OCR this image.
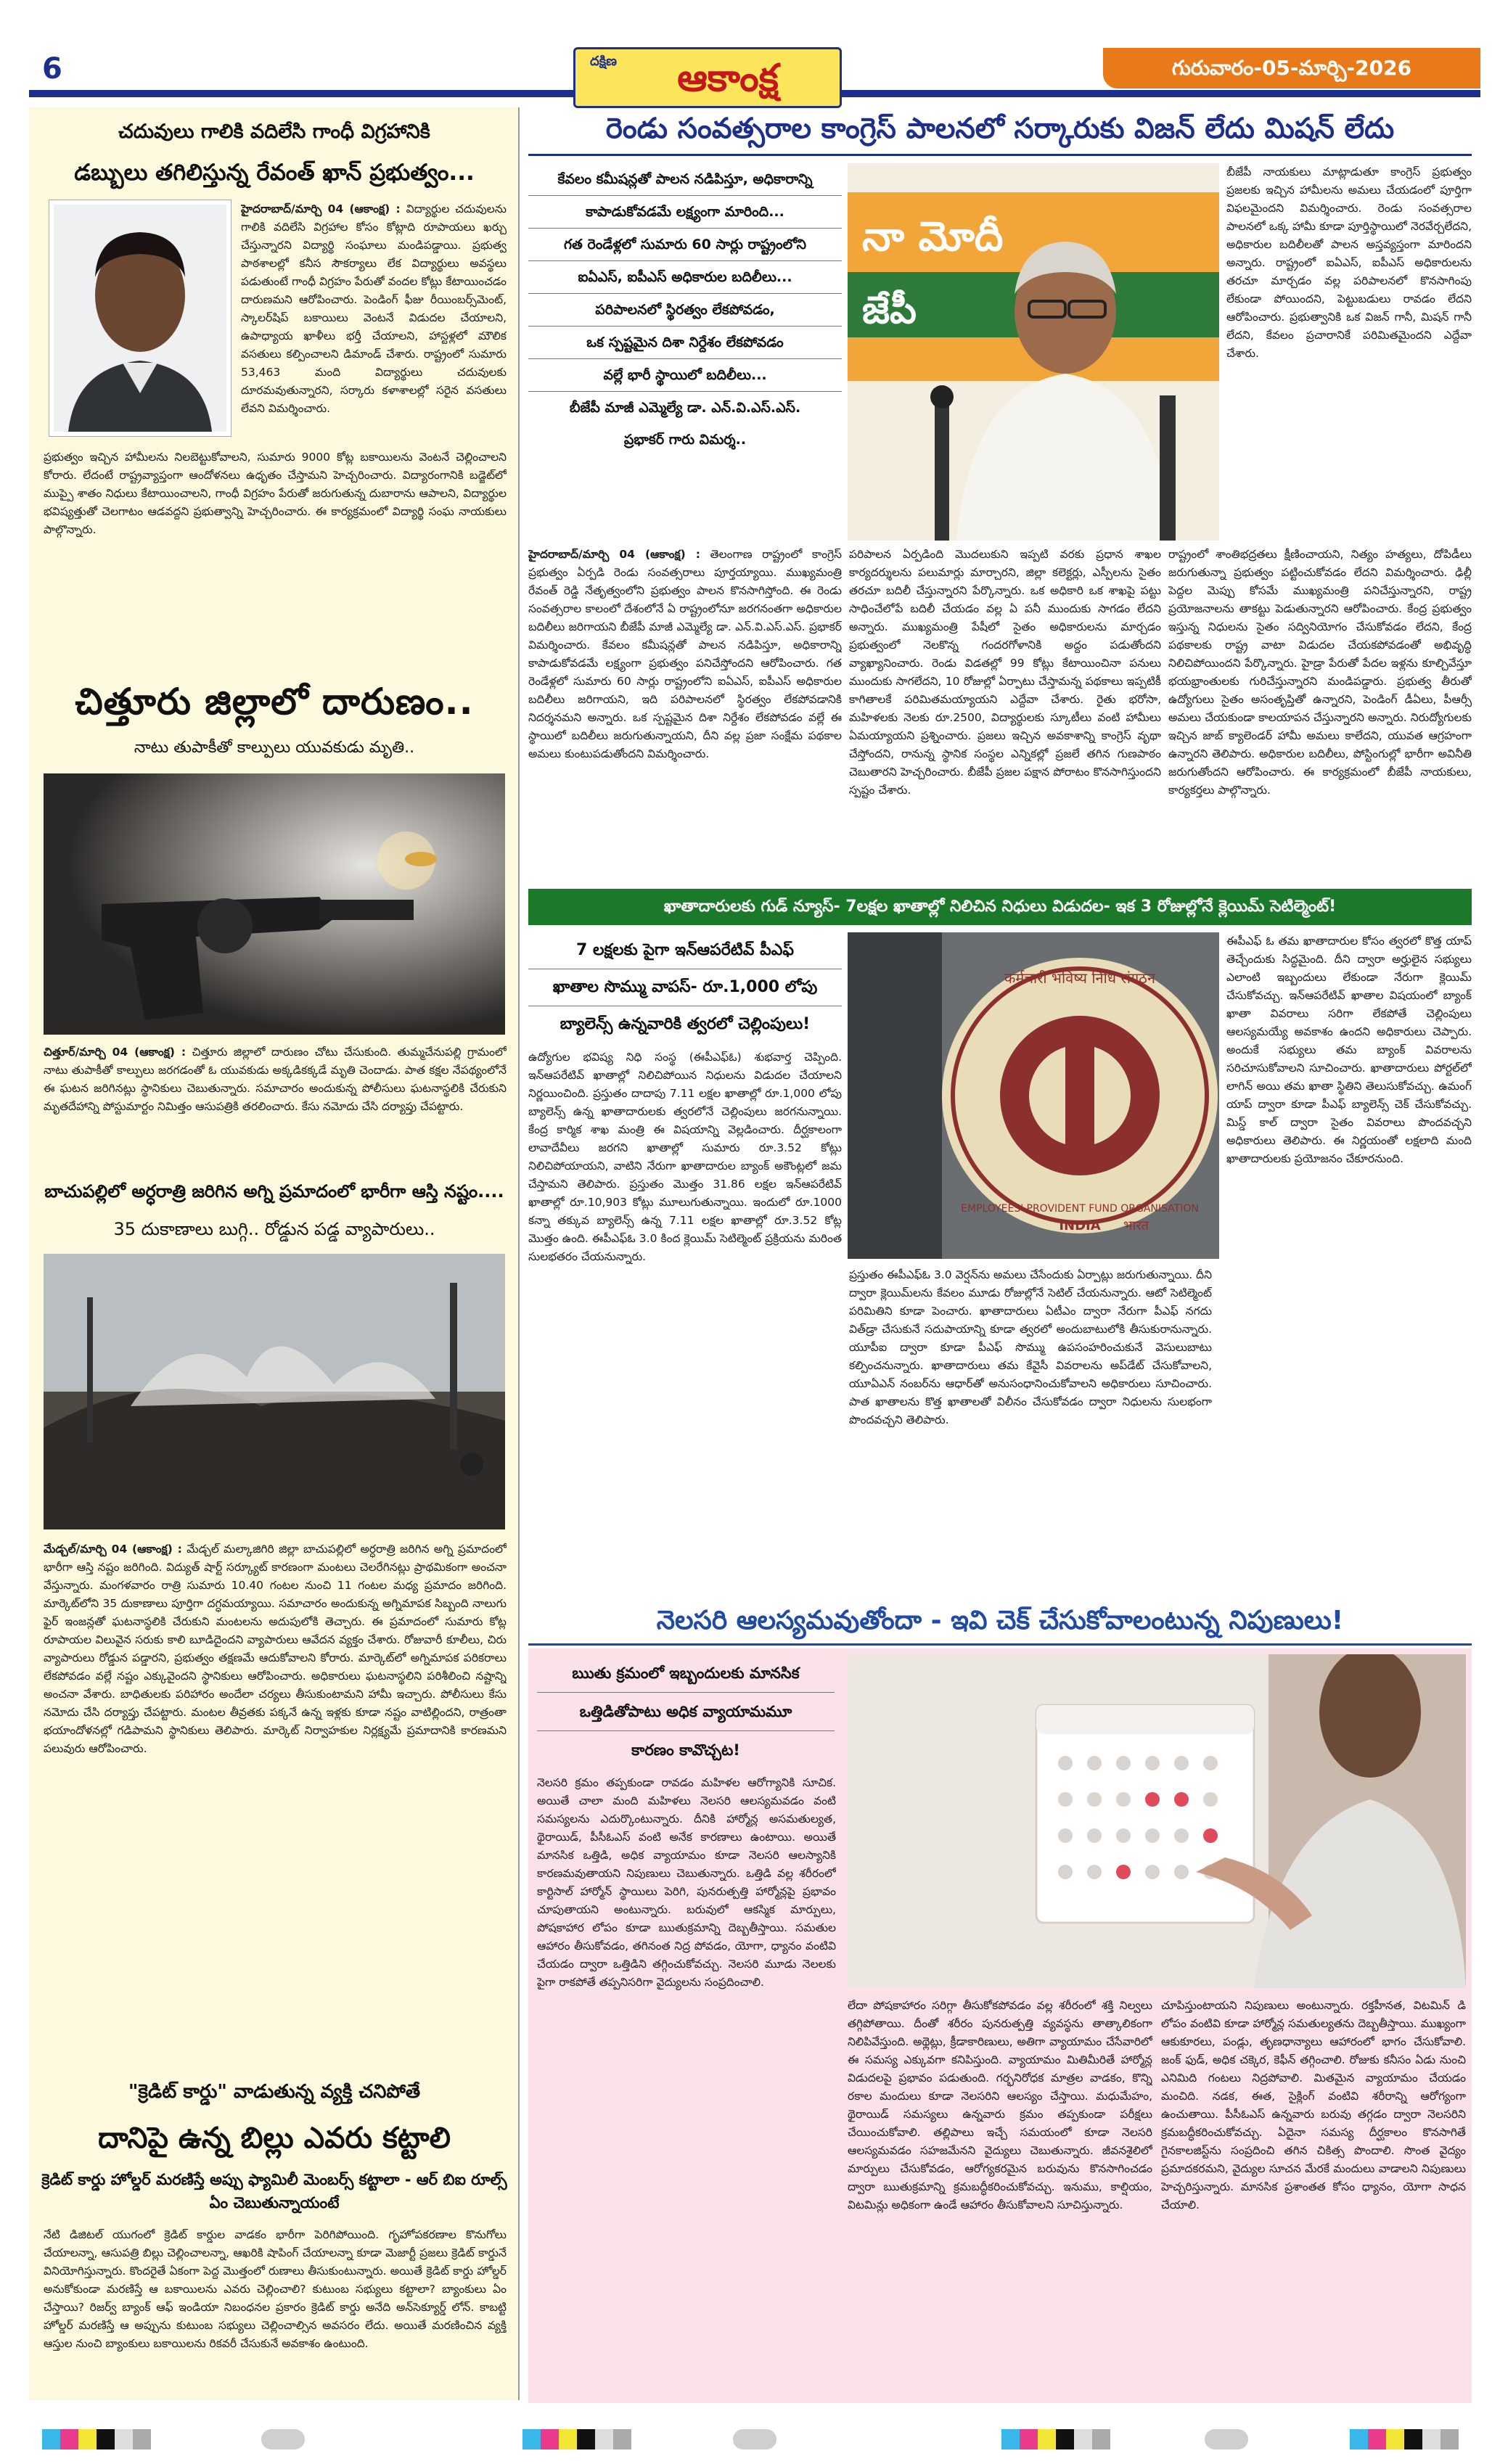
6	దక్షిణ	ఆకాంక్ష	గురువారం-05-మార్చి-2026
చదువులు గాలికి వదిలేసి గాంధీ విగ్రహానికి
డబ్బులు తగిలిస్తున్న రేవంత్ ఖాన్ ప్రభుత్వం...

హైదరాబాద్/మార్చి 04 (ఆకాంక్ష) : విద్యార్థుల చదువులను గాలికి వదిలేసి విగ్రహాల కోసం కోట్లాది రూపాయలు ఖర్చు చేస్తున్నారని విద్యార్థి సంఘాలు మండిపడ్డాయి. ప్రభుత్వ పాఠశాలల్లో కనీస సౌకర్యాలు లేక విద్యార్థులు అవస్థలు పడుతుంటే గాంధీ విగ్రహం పేరుతో వందల కోట్లు కేటాయించడం దారుణమని ఆరోపించారు. పెండింగ్ ఫీజు రీయింబర్స్‌మెంట్, స్కాలర్‌షిప్ బకాయిలు వెంటనే విడుదల చేయాలని, ఉపాధ్యాయ ఖాళీలు భర్తీ చేయాలని, హాస్టళ్లలో మౌలిక వసతులు కల్పించాలని డిమాండ్ చేశారు. రాష్ట్రంలో సుమారు 53,463 మంది విద్యార్థులు చదువులకు దూరమవుతున్నారని, సర్కారు కళాశాలల్లో సరైన వసతులు లేవని విమర్శించారు.

ప్రభుత్వం ఇచ్చిన హామీలను నిలబెట్టుకోవాలని, సుమారు 9000 కోట్ల బకాయిలను వెంటనే చెల్లించాలని కోరారు. లేదంటే రాష్ట్రవ్యాప్తంగా ఆందోళనలు ఉధృతం చేస్తామని హెచ్చరించారు. విద్యారంగానికి బడ్జెట్‌లో ముప్పై శాతం నిధులు కేటాయించాలని, గాంధీ విగ్రహం పేరుతో జరుగుతున్న దుబారాను ఆపాలని, విద్యార్థుల భవిష్యత్తుతో చెలగాటం ఆడవద్దని ప్రభుత్వాన్ని హెచ్చరించారు. ఈ కార్యక్రమంలో విద్యార్థి సంఘ నాయకులు పాల్గొన్నారు.

చిత్తూరు జిల్లాలో దారుణం..
నాటు తుపాకీతో కాల్పులు యువకుడు మృతి..

చిత్తూర్/మార్చి 04 (ఆకాంక్ష) : చిత్తూరు జిల్లాలో దారుణం చోటు చేసుకుంది. తుమ్మచేనుపల్లి గ్రామంలో నాటు తుపాకీతో కాల్పులు జరగడంతో ఓ యువకుడు అక్కడికక్కడే మృతి చెందాడు. పాత కక్షల నేపథ్యంలోనే ఈ ఘటన జరిగినట్లు స్థానికులు చెబుతున్నారు. సమాచారం అందుకున్న పోలీసులు ఘటనాస్థలికి చేరుకుని మృతదేహాన్ని పోస్టుమార్టం నిమిత్తం ఆసుపత్రికి తరలించారు. కేసు నమోదు చేసి దర్యాప్తు చేపట్టారు.

బాచుపల్లిలో అర్ధరాత్రి జరిగిన అగ్ని ప్రమాదంలో భారీగా ఆస్తి నష్టం....
35 దుకాణాలు బుగ్గి.. రోడ్డున పడ్డ వ్యాపారులు..

మేడ్చల్/మార్చి 04 (ఆకాంక్ష) : మేడ్చల్ మల్కాజిగిరి జిల్లా బాచుపల్లిలో అర్ధరాత్రి జరిగిన అగ్ని ప్రమాదంలో భారీగా ఆస్తి నష్టం జరిగింది. విద్యుత్ షార్ట్ సర్క్యూట్ కారణంగా మంటలు చెలరేగినట్లు ప్రాథమికంగా అంచనా వేస్తున్నారు. మంగళవారం రాత్రి సుమారు 10.40 గంటల నుంచి 11 గంటల మధ్య ప్రమాదం జరిగింది. మార్కెట్‌లోని 35 దుకాణాలు పూర్తిగా దగ్ధమయ్యాయి. సమాచారం అందుకున్న అగ్నిమాపక సిబ్బంది నాలుగు ఫైర్ ఇంజన్లతో ఘటనాస్థలికి చేరుకుని మంటలను అదుపులోకి తెచ్చారు. ఈ ప్రమాదంలో సుమారు కోట్ల రూపాయల విలువైన సరుకు కాలి బూడిదైందని వ్యాపారులు ఆవేదన వ్యక్తం చేశారు. రోజువారీ కూలీలు, చిరు వ్యాపారులు రోడ్డున పడ్డారని, ప్రభుత్వం తక్షణమే ఆదుకోవాలని కోరారు. మార్కెట్‌లో అగ్నిమాపక పరికరాలు లేకపోవడం వల్లే నష్టం ఎక్కువైందని స్థానికులు ఆరోపించారు. అధికారులు ఘటనాస్థలిని పరిశీలించి నష్టాన్ని అంచనా వేశారు. బాధితులకు పరిహారం అందేలా చర్యలు తీసుకుంటామని హామీ ఇచ్చారు. పోలీసులు కేసు నమోదు చేసి దర్యాప్తు చేపట్టారు. మంటల తీవ్రతకు పక్కనే ఉన్న ఇళ్లకు కూడా నష్టం వాటిల్లిందని, రాత్రంతా భయాందోళనల్లో గడిపామని స్థానికులు తెలిపారు. మార్కెట్ నిర్వాహకుల నిర్లక్ష్యమే ప్రమాదానికి కారణమని పలువురు ఆరోపించారు.

"క్రెడిట్ కార్డు" వాడుతున్న వ్యక్తి చనిపోతే
దానిపై ఉన్న బిల్లు ఎవరు కట్టాలి
క్రెడిట్ కార్డు హోల్డర్ మరణిస్తే అప్పు ఫ్యామిలీ మెంబర్స్ కట్టాలా - ఆర్ బిఐ రూల్స్ ఏం చెబుతున్నాయంటే

నేటి డిజిటల్ యుగంలో క్రెడిట్ కార్డుల వాడకం భారీగా పెరిగిపోయింది. గృహోపకరణాల కొనుగోలు చేయాలన్నా, ఆసుపత్రి బిల్లు చెల్లించాలన్నా, ఆఖరికి షాపింగ్ చేయాలన్నా కూడా మెజార్టీ ప్రజలు క్రెడిట్ కార్డునే వినియోగిస్తున్నారు. కొందరైతే ఏకంగా పెద్ద మొత్తంలో రుణాలు తీసుకుంటున్నారు. అయితే క్రెడిట్ కార్డు హోల్డర్ అనుకోకుండా మరణిస్తే ఆ బకాయిలను ఎవరు చెల్లించాలి? కుటుంబ సభ్యులు కట్టాలా? బ్యాంకులు ఏం చేస్తాయి? రిజర్వ్ బ్యాంక్ ఆఫ్ ఇండియా నిబంధనల ప్రకారం క్రెడిట్ కార్డు అనేది అన్‌సెక్యూర్డ్ లోన్. కాబట్టి హోల్డర్ మరణిస్తే ఆ అప్పును కుటుంబ సభ్యులు చెల్లించాల్సిన అవసరం లేదు. అయితే మరణించిన వ్యక్తి ఆస్తుల నుంచి బ్యాంకులు బకాయిలను రికవరీ చేసుకునే అవకాశం ఉంటుంది.

రెండు సంవత్సరాల కాంగ్రెస్ పాలనలో సర్కారుకు విజన్ లేదు మిషన్ లేదు
కేవలం కమీషన్లతో పాలన నడిపిస్తూ, అధికారాన్ని
కాపాడుకోవడమే లక్ష్యంగా మారింది...
గత రెండేళ్లలో సుమారు 60 సార్లు రాష్ట్రంలోని
ఐఏఎస్, ఐపీఎస్ అధికారుల బదిలీలు...
పరిపాలనలో స్థిరత్వం లేకపోవడం,
ఒక స్పష్టమైన దిశా నిర్దేశం లేకపోవడం
వల్లే భారీ స్థాయిలో బదిలీలు...
బీజేపీ మాజీ ఎమ్మెల్యే డా. ఎన్.వి.ఎస్.ఎస్.
ప్రభాకర్ గారు విమర్శ..
నా మోదీ
జేపీ

బీజేపీ నాయకులు మాట్లాడుతూ కాంగ్రెస్ ప్రభుత్వం ప్రజలకు ఇచ్చిన హామీలను అమలు చేయడంలో పూర్తిగా విఫలమైందని విమర్శించారు. రెండు సంవత్సరాల పాలనలో ఒక్క హామీ కూడా పూర్తిస్థాయిలో నెరవేర్చలేదని, అధికారుల బదిలీలతో పాలన అస్తవ్యస్తంగా మారిందని అన్నారు. రాష్ట్రంలో ఐఏఎస్, ఐపీఎస్ అధికారులను తరచూ మార్చడం వల్ల పరిపాలనలో కొనసాగింపు లేకుండా పోయిందని, పెట్టుబడులు రావడం లేదని ఆరోపించారు. ప్రభుత్వానికి ఒక విజన్ గానీ, మిషన్ గానీ లేదని, కేవలం ప్రచారానికే పరిమితమైందని ఎద్దేవా చేశారు.

హైదరాబాద్/మార్చి 04 (ఆకాంక్ష) : తెలంగాణ రాష్ట్రంలో కాంగ్రెస్ ప్రభుత్వం ఏర్పడి రెండు సంవత్సరాలు పూర్తయ్యాయి. ముఖ్యమంత్రి రేవంత్ రెడ్డి నేతృత్వంలోని ప్రభుత్వం పాలన కొనసాగిస్తోంది. ఈ రెండు సంవత్సరాల కాలంలో దేశంలోనే ఏ రాష్ట్రంలోనూ జరగనంతగా అధికారుల బదిలీలు జరిగాయని బీజేపీ మాజీ ఎమ్మెల్యే డా. ఎన్.వి.ఎస్.ఎస్. ప్రభాకర్ విమర్శించారు. కేవలం కమీషన్లతో పాలన నడిపిస్తూ, అధికారాన్ని కాపాడుకోవడమే లక్ష్యంగా ప్రభుత్వం పనిచేస్తోందని ఆరోపించారు. గత రెండేళ్లలో సుమారు 60 సార్లు రాష్ట్రంలోని ఐఏఎస్, ఐపీఎస్ అధికారుల బదిలీలు జరిగాయని, ఇది పరిపాలనలో స్థిరత్వం లేకపోవడానికి నిదర్శనమని అన్నారు. ఒక స్పష్టమైన దిశా నిర్దేశం లేకపోవడం వల్లే ఈ స్థాయిలో బదిలీలు జరుగుతున్నాయని, దీని వల్ల ప్రజా సంక్షేమ పథకాల అమలు కుంటుపడుతోందని విమర్శించారు.

పరిపాలన ఏర్పడింది మొదలుకుని ఇప్పటి వరకు ప్రధాన శాఖల కార్యదర్శులను పలుమార్లు మార్చారని, జిల్లా కలెక్టర్లు, ఎస్పీలను సైతం తరచూ బదిలీ చేస్తున్నారని పేర్కొన్నారు. ఒక అధికారి ఒక శాఖపై పట్టు సాధించేలోపే బదిలీ చేయడం వల్ల ఏ పనీ ముందుకు సాగడం లేదని అన్నారు. ముఖ్యమంత్రి పేషీలో సైతం అధికారులను మార్చడం ప్రభుత్వంలో నెలకొన్న గందరగోళానికి అద్దం పడుతోందని వ్యాఖ్యానించారు. రెండు విడతల్లో 99 కోట్లు కేటాయించినా పనులు ముందుకు సాగలేదని, 10 రోజుల్లో ఏర్పాటు చేస్తామన్న పథకాలు ఇప్పటికీ కాగితాలకే పరిమితమయ్యాయని ఎద్దేవా చేశారు. రైతు భరోసా, మహిళలకు నెలకు రూ.2500, విద్యార్థులకు స్కూటీలు వంటి హామీలు ఏమయ్యాయని ప్రశ్నించారు. ప్రజలు ఇచ్చిన అవకాశాన్ని కాంగ్రెస్ వృథా చేస్తోందని, రానున్న స్థానిక సంస్థల ఎన్నికల్లో ప్రజలే తగిన గుణపాఠం చెబుతారని హెచ్చరించారు. బీజేపీ ప్రజల పక్షాన పోరాటం కొనసాగిస్తుందని స్పష్టం చేశారు.

రాష్ట్రంలో శాంతిభద్రతలు క్షీణించాయని, నిత్యం హత్యలు, దోపిడీలు జరుగుతున్నా ప్రభుత్వం పట్టించుకోవడం లేదని విమర్శించారు. ఢిల్లీ పెద్దల మెప్పు కోసమే ముఖ్యమంత్రి పనిచేస్తున్నారని, రాష్ట్ర ప్రయోజనాలను తాకట్టు పెడుతున్నారని ఆరోపించారు. కేంద్ర ప్రభుత్వం ఇస్తున్న నిధులను సైతం సద్వినియోగం చేసుకోవడం లేదని, కేంద్ర పథకాలకు రాష్ట్ర వాటా విడుదల చేయకపోవడంతో అభివృద్ధి నిలిచిపోయిందని పేర్కొన్నారు. హైడ్రా పేరుతో పేదల ఇళ్లను కూల్చివేస్తూ భయభ్రాంతులకు గురిచేస్తున్నారని మండిపడ్డారు. ప్రభుత్వ తీరుతో ఉద్యోగులు సైతం అసంతృప్తితో ఉన్నారని, పెండింగ్ డీఏలు, పీఆర్సీ అమలు చేయకుండా కాలయాపన చేస్తున్నారని అన్నారు. నిరుద్యోగులకు ఇచ్చిన జాబ్ క్యాలెండర్ హామీ అమలు కాలేదని, యువత ఆగ్రహంగా ఉన్నారని తెలిపారు. అధికారుల బదిలీలు, పోస్టింగుల్లో భారీగా అవినీతి జరుగుతోందని ఆరోపించారు. ఈ కార్యక్రమంలో బీజేపీ నాయకులు, కార్యకర్తలు పాల్గొన్నారు.

ఖాతాదారులకు గుడ్ న్యూస్- 7లక్షల ఖాతాల్లో నిలిచిన నిధులు విడుదల- ఇక 3 రోజుల్లోనే క్లెయిమ్ సెటిల్మెంట్!
7 లక్షలకు పైగా ఇన్‌ఆపరేటివ్ పీఎఫ్
ఖాతాల సొమ్ము వాపస్- రూ.1,000 లోపు
బ్యాలెన్స్ ఉన్నవారికి త్వరలో చెల్లింపులు!

ఉద్యోగుల భవిష్య నిధి సంస్థ (ఈపీఎఫ్‌ఓ) శుభవార్త చెప్పింది. ఇన్‌ఆపరేటివ్ ఖాతాల్లో నిలిచిపోయిన నిధులను విడుదల చేయాలని నిర్ణయించింది. ప్రస్తుతం దాదాపు 7.11 లక్షల ఖాతాల్లో రూ.1,000 లోపు బ్యాలెన్స్ ఉన్న ఖాతాదారులకు త్వరలోనే చెల్లింపులు జరగనున్నాయి. కేంద్ర కార్మిక శాఖ మంత్రి ఈ విషయాన్ని వెల్లడించారు. దీర్ఘకాలంగా లావాదేవీలు జరగని ఖాతాల్లో సుమారు రూ.3.52 కోట్లు నిలిచిపోయాయని, వాటిని నేరుగా ఖాతాదారుల బ్యాంక్ అకౌంట్లలో జమ చేస్తామని తెలిపారు. ప్రస్తుతం మొత్తం 31.86 లక్షల ఇన్‌ఆపరేటివ్ ఖాతాల్లో రూ.10,903 కోట్లు మూలుగుతున్నాయి. ఇందులో రూ.1000 కన్నా తక్కువ బ్యాలెన్స్ ఉన్న 7.11 లక్షల ఖాతాల్లో రూ.3.52 కోట్ల మొత్తం ఉంది. ఈపీఎఫ్‌ఓ 3.0 కింద క్లెయిమ్ సెటిల్మెంట్ ప్రక్రియను మరింత సులభతరం చేయనున్నారు.

कर्मचारी भविष्य निधि संगठन
EMPLOYEES' PROVIDENT FUND ORGANISATION
INDIA भारत

ప్రస్తుతం ఈపీఎఫ్‌ఓ 3.0 వెర్షన్‌ను అమలు చేసేందుకు ఏర్పాట్లు జరుగుతున్నాయి. దీని ద్వారా క్లెయిమ్‌లను కేవలం మూడు రోజుల్లోనే సెటిల్ చేయనున్నారు. ఆటో సెటిల్మెంట్ పరిమితిని కూడా పెంచారు. ఖాతాదారులు ఏటీఎం ద్వారా నేరుగా పీఎఫ్ నగదు విత్‌డ్రా చేసుకునే సదుపాయాన్ని కూడా త్వరలో అందుబాటులోకి తీసుకురానున్నారు. యూపీఐ ద్వారా కూడా పీఎఫ్ సొమ్ము ఉపసంహరించుకునే వెసులుబాటు కల్పించనున్నారు. ఖాతాదారులు తమ కేవైసీ వివరాలను అప్‌డేట్ చేసుకోవాలని, యూఏఎన్ నంబర్‌ను ఆధార్‌తో అనుసంధానించుకోవాలని అధికారులు సూచించారు. పాత ఖాతాలను కొత్త ఖాతాలతో విలీనం చేసుకోవడం ద్వారా నిధులను సులభంగా పొందవచ్చని తెలిపారు.

ఈపీఎఫ్ ఓ తమ ఖాతాదారుల కోసం త్వరలో కొత్త యాప్ తెచ్చేందుకు సిద్ధమైంది. దీని ద్వారా అర్హులైన సభ్యులు ఎలాంటి ఇబ్బందులు లేకుండా నేరుగా క్లెయిమ్ చేసుకోవచ్చు. ఇన్‌ఆపరేటివ్ ఖాతాల విషయంలో బ్యాంక్ ఖాతా వివరాలు సరిగా లేకపోతే చెల్లింపులు ఆలస్యమయ్యే అవకాశం ఉందని అధికారులు చెప్పారు. అందుకే సభ్యులు తమ బ్యాంక్ వివరాలను సరిచూసుకోవాలని సూచించారు. ఖాతాదారులు పోర్టల్‌లో లాగిన్ అయి తమ ఖాతా స్థితిని తెలుసుకోవచ్చు. ఉమంగ్ యాప్ ద్వారా కూడా పీఎఫ్ బ్యాలెన్స్ చెక్ చేసుకోవచ్చు. మిస్డ్ కాల్ ద్వారా సైతం వివరాలు పొందవచ్చని అధికారులు తెలిపారు. ఈ నిర్ణయంతో లక్షలాది మంది ఖాతాదారులకు ప్రయోజనం చేకూరనుంది.

నెలసరి ఆలస్యమవుతోందా - ఇవి చెక్ చేసుకోవాలంటున్న నిపుణులు!
ఋతు క్రమంలో ఇబ్బందులకు మానసిక
ఒత్తిడితోపాటు అధిక వ్యాయామమూ
కారణం కావొచ్చట!

నెలసరి క్రమం తప్పకుండా రావడం మహిళల ఆరోగ్యానికి సూచిక. అయితే చాలా మంది మహిళలు నెలసరి ఆలస్యమవడం వంటి సమస్యలను ఎదుర్కొంటున్నారు. దీనికి హార్మోన్ల అసమతుల్యత, థైరాయిడ్, పీసీఓఎస్ వంటి అనేక కారణాలు ఉంటాయి. అయితే మానసిక ఒత్తిడి, అధిక వ్యాయామం కూడా నెలసరి ఆలస్యానికి కారణమవుతాయని నిపుణులు చెబుతున్నారు. ఒత్తిడి వల్ల శరీరంలో కార్టిసాల్ హార్మోన్ స్థాయిలు పెరిగి, పునరుత్పత్తి హార్మోన్లపై ప్రభావం చూపుతాయని అంటున్నారు. బరువులో ఆకస్మిక మార్పులు, పోషకాహార లోపం కూడా ఋతుక్రమాన్ని దెబ్బతీస్తాయి. సమతుల ఆహారం తీసుకోవడం, తగినంత నిద్ర పోవడం, యోగా, ధ్యానం వంటివి చేయడం ద్వారా ఒత్తిడిని తగ్గించుకోవచ్చు. నెలసరి మూడు నెలలకు పైగా రాకపోతే తప్పనిసరిగా వైద్యులను సంప్రదించాలి.

లేదా పోషకాహారం సరిగ్గా తీసుకోకపోవడం వల్ల శరీరంలో శక్తి నిల్వలు తగ్గిపోతాయి. దీంతో శరీరం పునరుత్పత్తి వ్యవస్థను తాత్కాలికంగా నిలిపివేస్తుంది. అథ్లెట్లు, క్రీడాకారిణులు, అతిగా వ్యాయామం చేసేవారిలో ఈ సమస్య ఎక్కువగా కనిపిస్తుంది. వ్యాయామం మితిమీరితే హార్మోన్ల విడుదలపై ప్రభావం పడుతుంది. గర్భనిరోధక మాత్రల వాడకం, కొన్ని రకాల మందులు కూడా నెలసరిని ఆలస్యం చేస్తాయి. మధుమేహం, థైరాయిడ్ సమస్యలు ఉన్నవారు క్రమం తప్పకుండా పరీక్షలు చేయించుకోవాలి. తల్లిపాలు ఇచ్చే సమయంలో కూడా నెలసరి ఆలస్యమవడం సహజమేనని వైద్యులు చెబుతున్నారు. జీవనశైలిలో మార్పులు చేసుకోవడం, ఆరోగ్యకరమైన బరువును కొనసాగించడం ద్వారా ఋతుక్రమాన్ని క్రమబద్ధీకరించుకోవచ్చు. ఇనుము, కాల్షియం, విటమిన్లు అధికంగా ఉండే ఆహారం తీసుకోవాలని సూచిస్తున్నారు.

చూపిస్తుంటాయని నిపుణులు అంటున్నారు. రక్తహీనత, విటమిన్ డి లోపం వంటివి కూడా హార్మోన్ల సమతుల్యతను దెబ్బతీస్తాయి. ముఖ్యంగా ఆకుకూరలు, పండ్లు, తృణధాన్యాలు ఆహారంలో భాగం చేసుకోవాలి. జంక్ ఫుడ్, అధిక చక్కెర, కెఫీన్ తగ్గించాలి. రోజుకు కనీసం ఏడు నుంచి ఎనిమిది గంటలు నిద్రపోవాలి. మితమైన వ్యాయామం చేయడం మంచిది. నడక, ఈత, సైక్లింగ్ వంటివి శరీరాన్ని ఆరోగ్యంగా ఉంచుతాయి. పీసీఓఎస్ ఉన్నవారు బరువు తగ్గడం ద్వారా నెలసరిని క్రమబద్ధీకరించుకోవచ్చు. ఏదైనా సమస్య దీర్ఘకాలం కొనసాగితే గైనకాలజిస్ట్‌ను సంప్రదించి తగిన చికిత్స పొందాలి. సొంత వైద్యం ప్రమాదకరమని, వైద్యుల సూచన మేరకే మందులు వాడాలని నిపుణులు హెచ్చరిస్తున్నారు. మానసిక ప్రశాంతత కోసం ధ్యానం, యోగా సాధన చేయాలి.
